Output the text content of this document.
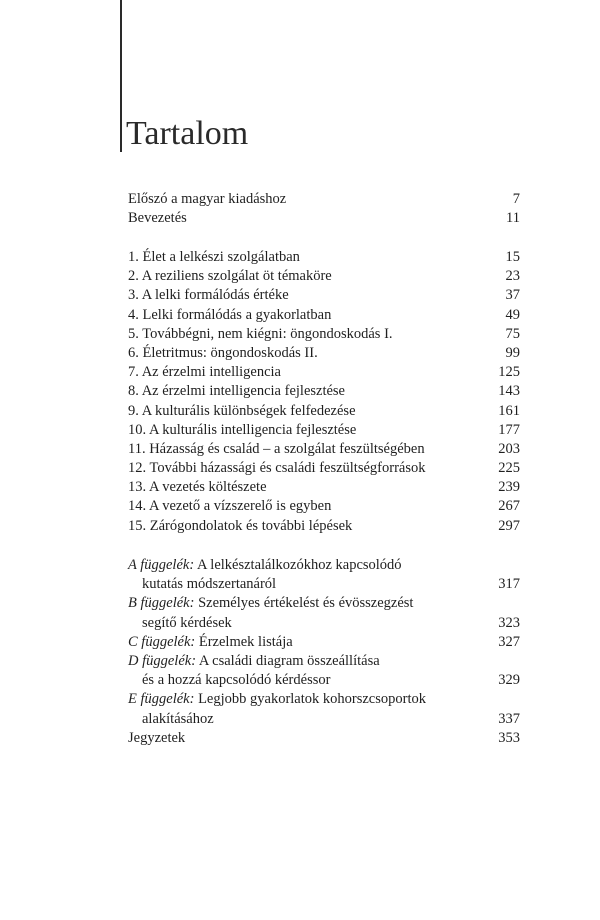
Tartalom
Előszó a magyar kiadáshoz	7
Bevezetés	11
1. Élet a lelkészi szolgálatban	15
2. A reziliens szolgálat öt témaköre	23
3. A lelki formálódás értéke	37
4. Lelki formálódás a gyakorlatban	49
5. Továbbégni, nem kiégni: öngondoskodás I.	75
6. Életritmus: öngondoskodás II.	99
7. Az érzelmi intelligencia	125
8. Az érzelmi intelligencia fejlesztése	143
9. A kulturális különbségek felfedezése	161
10. A kulturális intelligencia fejlesztése	177
11. Házasság és család – a szolgálat feszültségében	203
12. További házassági és családi feszültségforrások	225
13. A vezetés költészete	239
14. A vezető a vízszerelő is egyben	267
15. Zárógondolatok és további lépések	297
A függelék: A lelkésztalálkozókhoz kapcsolódó
kutatás módszertanáról	317
B függelék: Személyes értékelést és évösszegzést
segítő kérdések	323
C függelék: Érzelmek listája	327
D függelék: A családi diagram összeállítása
és a hozzá kapcsolódó kérdéssor	329
E függelék: Legjobb gyakorlatok kohorszcsoportok
alakításához	337
Jegyzetek	353
